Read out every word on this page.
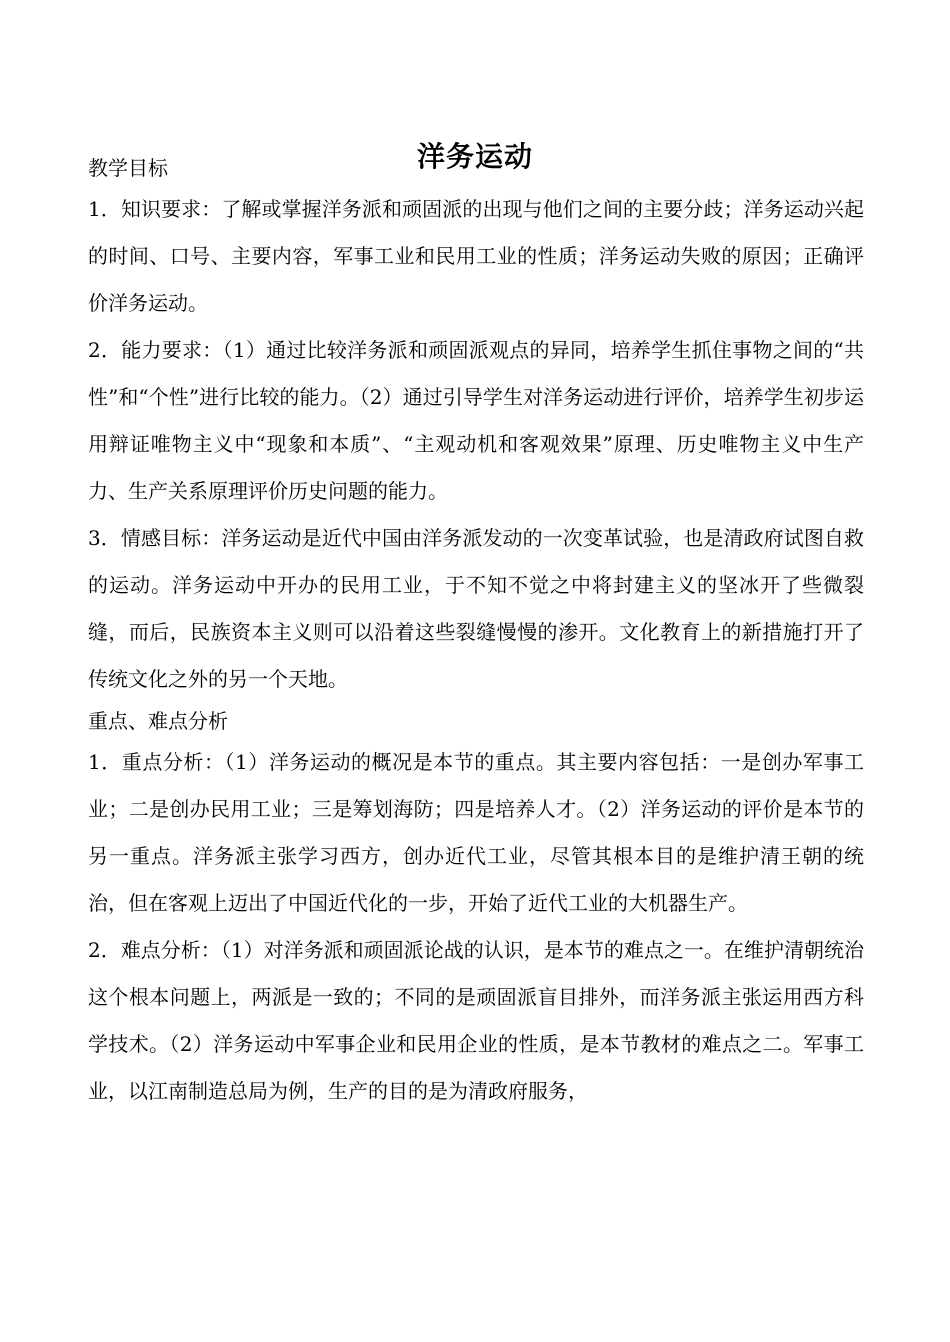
洋务运动

教学目标

1．知识要求：了解或掌握洋务派和顽固派的出现与他们之间的主要分歧；洋务运动兴起的时间、口号、主要内容，军事工业和民用工业的性质；洋务运动失败的原因；正确评价洋务运动。

2．能力要求：（1）通过比较洋务派和顽固派观点的异同，培养学生抓住事物之间的“共性”和“个性”进行比较的能力。（2）通过引导学生对洋务运动进行评价，培养学生初步运用辩证唯物主义中“现象和本质”、“主观动机和客观效果”原理、历史唯物主义中生产力、生产关系原理评价历史问题的能力。

3．情感目标：洋务运动是近代中国由洋务派发动的一次变革试验，也是清政府试图自救的运动。洋务运动中开办的民用工业，于不知不觉之中将封建主义的坚冰开了些微裂缝，而后，民族资本主义则可以沿着这些裂缝慢慢的渗开。文化教育上的新措施打开了传统文化之外的另一个天地。

重点、难点分析

1．重点分析：（1）洋务运动的概况是本节的重点。其主要内容包括：一是创办军事工业；二是创办民用工业；三是筹划海防；四是培养人才。（2）洋务运动的评价是本节的另一重点。洋务派主张学习西方，创办近代工业，尽管其根本目的是维护清王朝的统治，但在客观上迈出了中国近代化的一步，开始了近代工业的大机器生产。

2．难点分析：（1）对洋务派和顽固派论战的认识，是本节的难点之一。在维护清朝统治这个根本问题上，两派是一致的；不同的是顽固派盲目排外，而洋务派主张运用西方科学技术。（2）洋务运动中军事企业和民用企业的性质，是本节教材的难点之二。军事工业，以江南制造总局为例，生产的目的是为清政府服务，
